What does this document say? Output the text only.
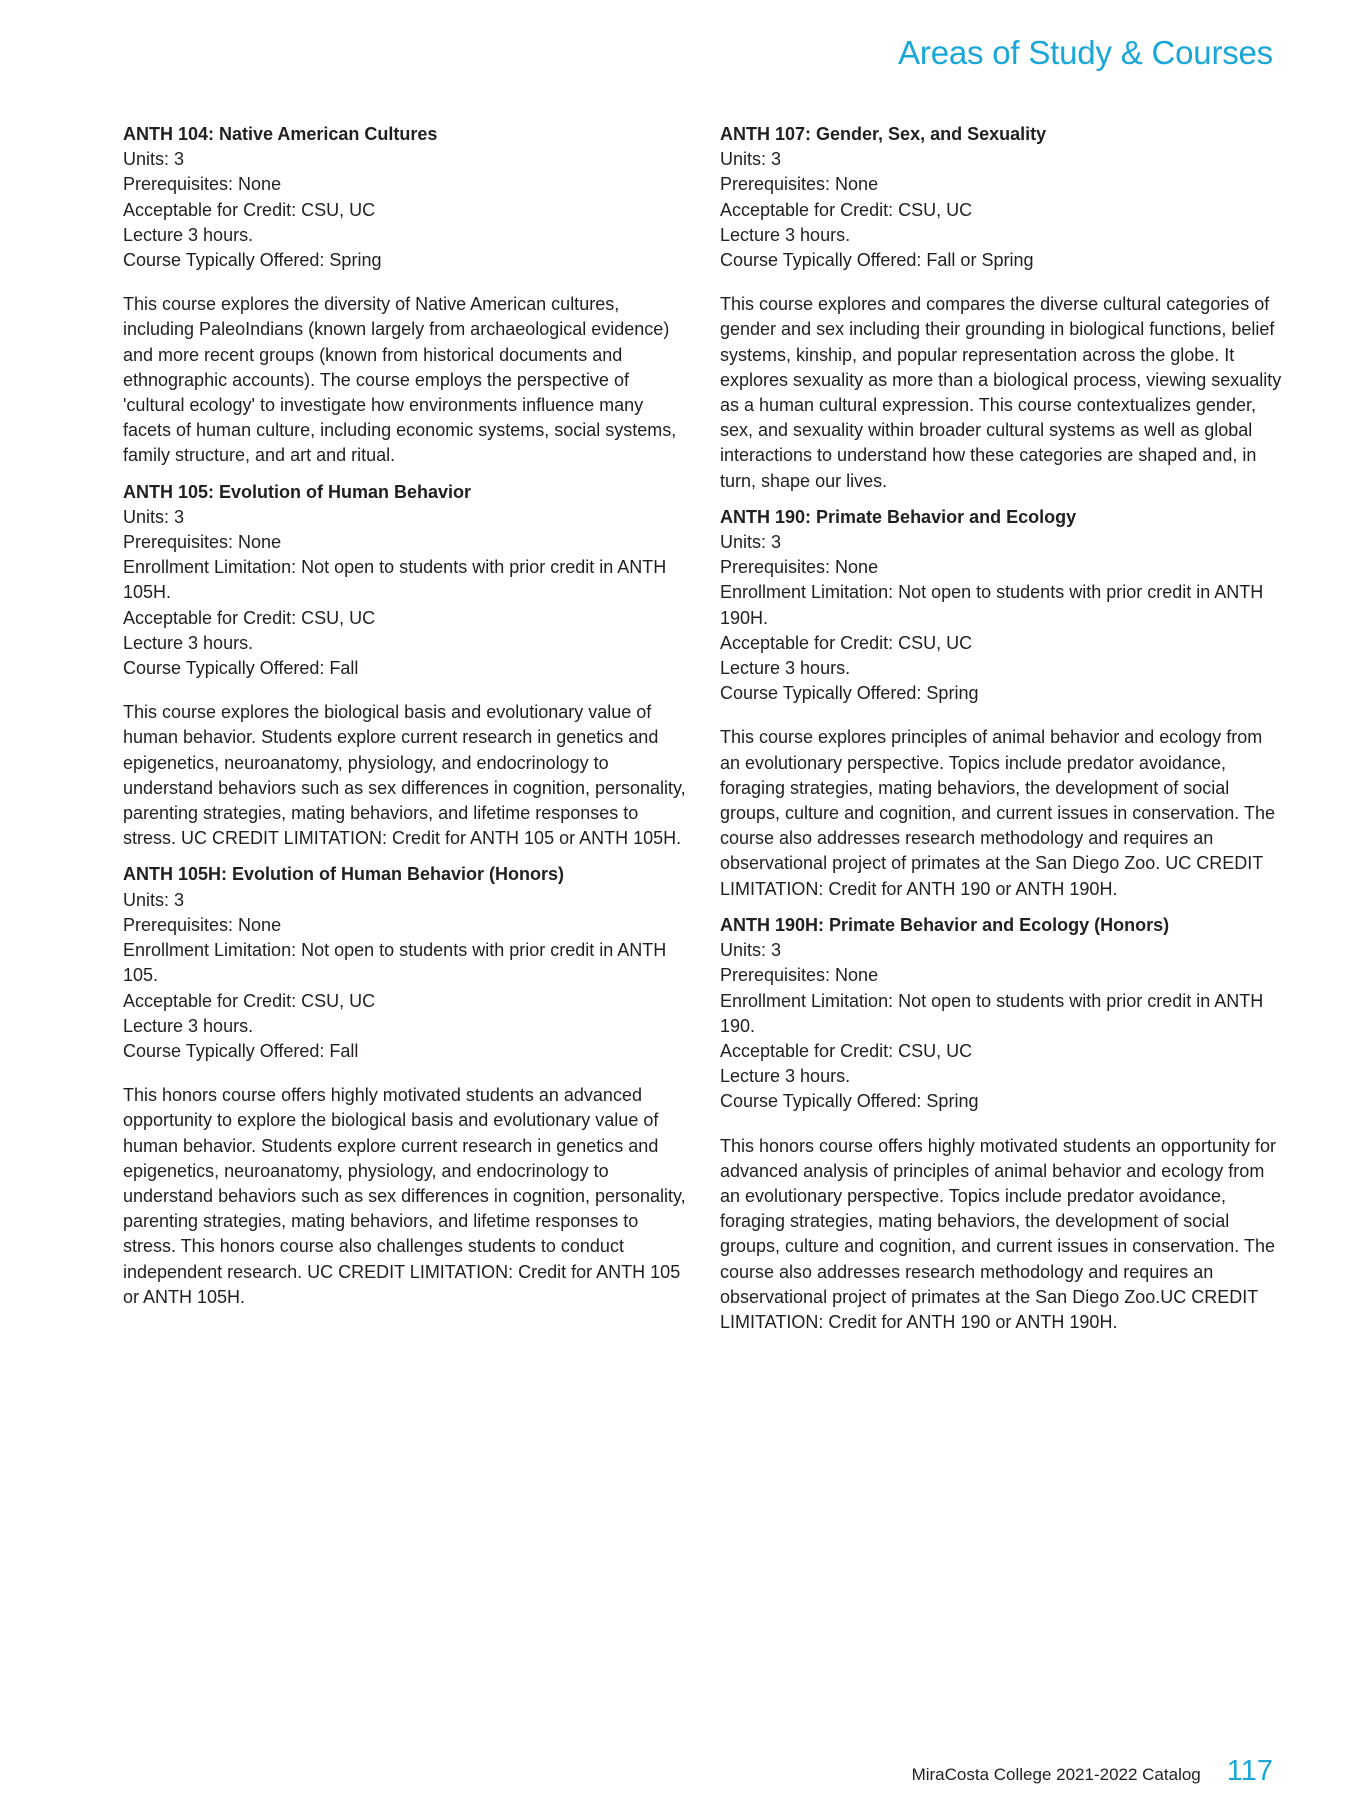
Areas of Study & Courses

ANTH 104: Native American Cultures

Units: 3

Prerequisites: None

Acceptable for Credit: CSU, UC

Lecture 3 hours.

Course Typically Offered: Spring

This course explores the diversity of Native American cultures, including PaleoIndians (known largely from archaeological evidence) and more recent groups (known from historical documents and ethnographic accounts). The course employs the perspective of 'cultural ecology' to investigate how environments influence many facets of human culture, including economic systems, social systems, family structure, and art and ritual.

ANTH 105: Evolution of Human Behavior

Units: 3

Prerequisites: None

Enrollment Limitation: Not open to students with prior credit in ANTH 105H.

Acceptable for Credit: CSU, UC

Lecture 3 hours.

Course Typically Offered: Fall

This course explores the biological basis and evolutionary value of human behavior. Students explore current research in genetics and epigenetics, neuroanatomy, physiology, and endocrinology to understand behaviors such as sex differences in cognition, personality, parenting strategies, mating behaviors, and lifetime responses to stress. UC CREDIT LIMITATION: Credit for ANTH 105 or ANTH 105H.

ANTH 105H: Evolution of Human Behavior (Honors)

Units: 3

Prerequisites: None

Enrollment Limitation: Not open to students with prior credit in ANTH 105.

Acceptable for Credit: CSU, UC

Lecture 3 hours.

Course Typically Offered: Fall

This honors course offers highly motivated students an advanced opportunity to explore the biological basis and evolutionary value of human behavior. Students explore current research in genetics and epigenetics, neuroanatomy, physiology, and endocrinology to understand behaviors such as sex differences in cognition, personality, parenting strategies, mating behaviors, and lifetime responses to stress. This honors course also challenges students to conduct independent research. UC CREDIT LIMITATION: Credit for ANTH 105 or ANTH 105H.

ANTH 107: Gender, Sex, and Sexuality

Units: 3

Prerequisites: None

Acceptable for Credit: CSU, UC

Lecture 3 hours.

Course Typically Offered: Fall or Spring

This course explores and compares the diverse cultural categories of gender and sex including their grounding in biological functions, belief systems, kinship, and popular representation across the globe. It explores sexuality as more than a biological process, viewing sexuality as a human cultural expression. This course contextualizes gender, sex, and sexuality within broader cultural systems as well as global interactions to understand how these categories are shaped and, in turn, shape our lives.

ANTH 190: Primate Behavior and Ecology

Units: 3

Prerequisites: None

Enrollment Limitation: Not open to students with prior credit in ANTH 190H.

Acceptable for Credit: CSU, UC

Lecture 3 hours.

Course Typically Offered: Spring

This course explores principles of animal behavior and ecology from an evolutionary perspective. Topics include predator avoidance, foraging strategies, mating behaviors, the development of social groups, culture and cognition, and current issues in conservation. The course also addresses research methodology and requires an observational project of primates at the San Diego Zoo. UC CREDIT LIMITATION: Credit for ANTH 190 or ANTH 190H.

ANTH 190H: Primate Behavior and Ecology (Honors)

Units: 3

Prerequisites: None

Enrollment Limitation: Not open to students with prior credit in ANTH 190.

Acceptable for Credit: CSU, UC

Lecture 3 hours.

Course Typically Offered: Spring

This honors course offers highly motivated students an opportunity for advanced analysis of principles of animal behavior and ecology from an evolutionary perspective. Topics include predator avoidance, foraging strategies, mating behaviors, the development of social groups, culture and cognition, and current issues in conservation. The course also addresses research methodology and requires an observational project of primates at the San Diego Zoo.UC CREDIT LIMITATION: Credit for ANTH 190 or ANTH 190H.

MiraCosta College 2021-2022 Catalog 117
